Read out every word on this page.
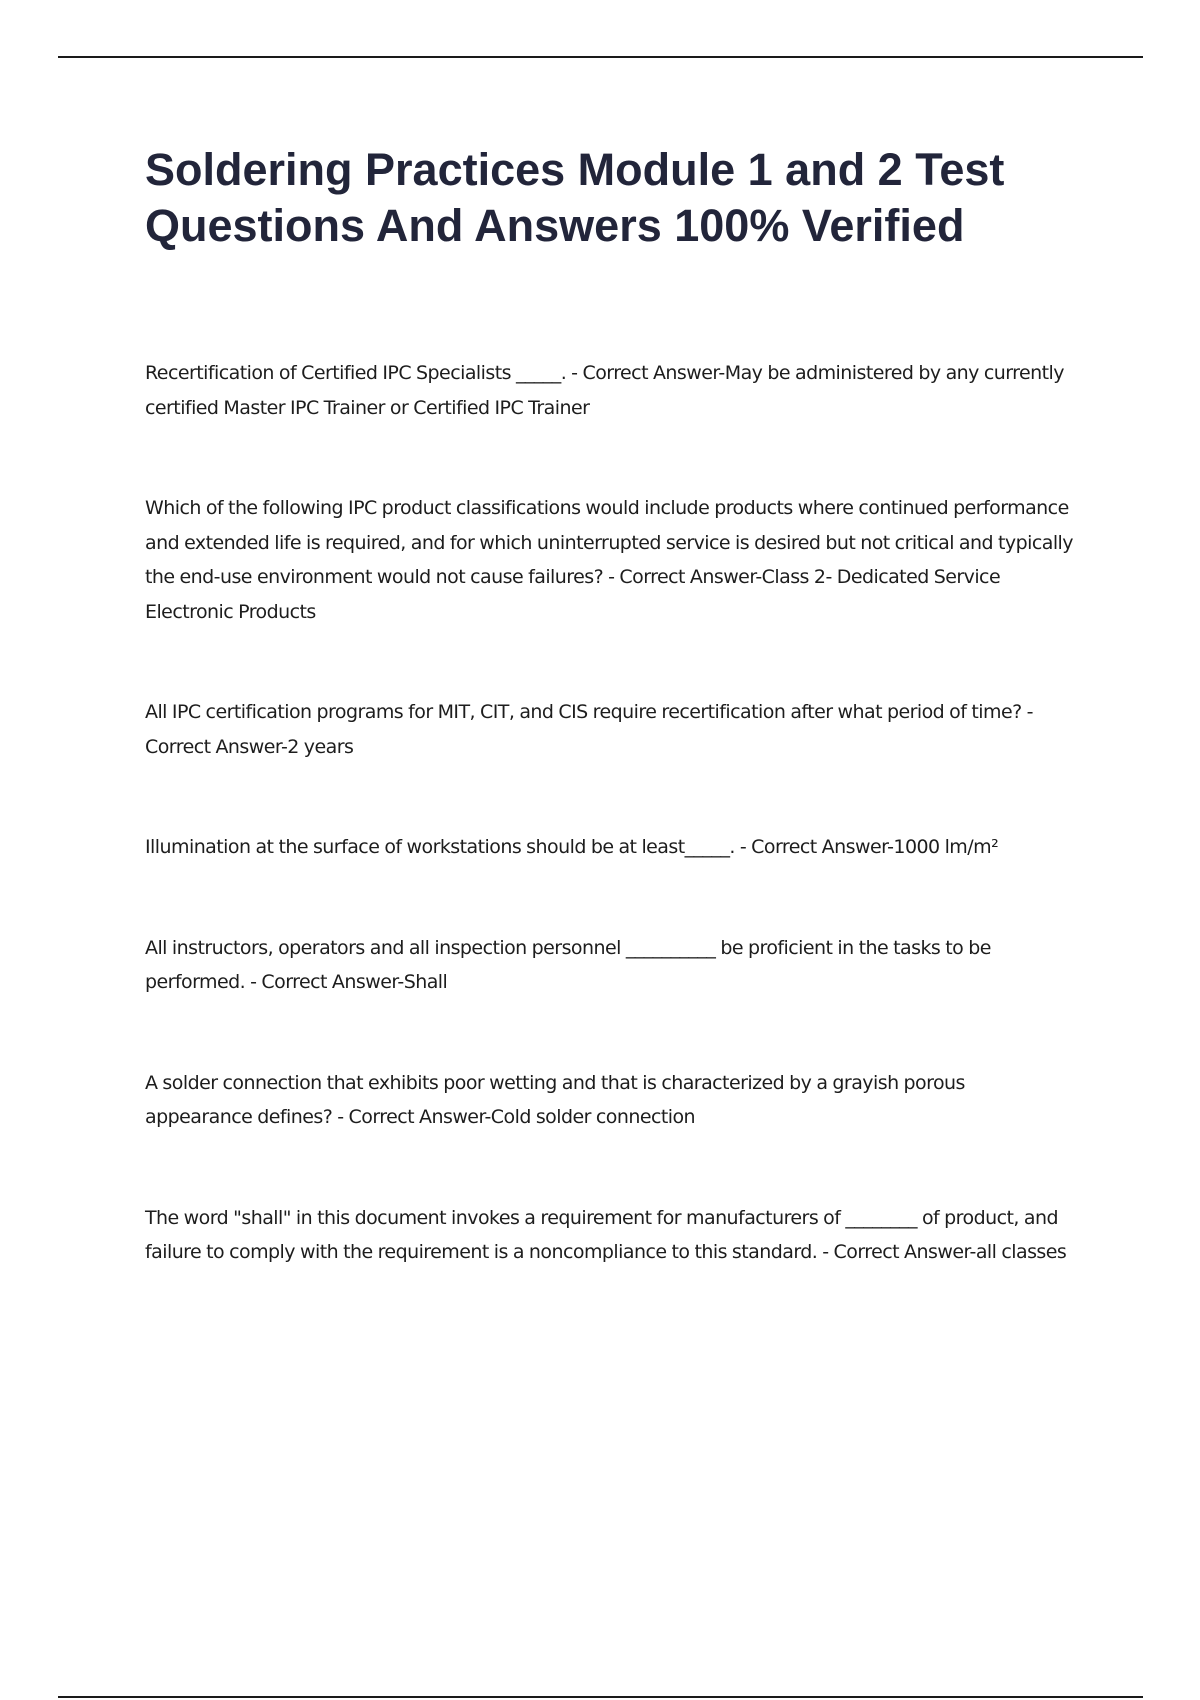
Soldering Practices Module 1 and 2 Test Questions And Answers 100% Verified

Recertification of Certified IPC Specialists _____. - Correct Answer-May be administered by any currently certified Master IPC Trainer or Certified IPC Trainer

Which of the following IPC product classifications would include products where continued performance and extended life is required, and for which uninterrupted service is desired but not critical and typically the end-use environment would not cause failures? - Correct Answer-Class 2- Dedicated Service Electronic Products

All IPC certification programs for MIT, CIT, and CIS require recertification after what period of time? - Correct Answer-2 years

Illumination at the surface of workstations should be at least_____. - Correct Answer-1000 lm/m²

All instructors, operators and all inspection personnel __________ be proficient in the tasks to be performed. - Correct Answer-Shall

A solder connection that exhibits poor wetting and that is characterized by a grayish porous appearance defines? - Correct Answer-Cold solder connection

The word "shall" in this document invokes a requirement for manufacturers of ________ of product, and failure to comply with the requirement is a noncompliance to this standard. - Correct Answer-all classes
